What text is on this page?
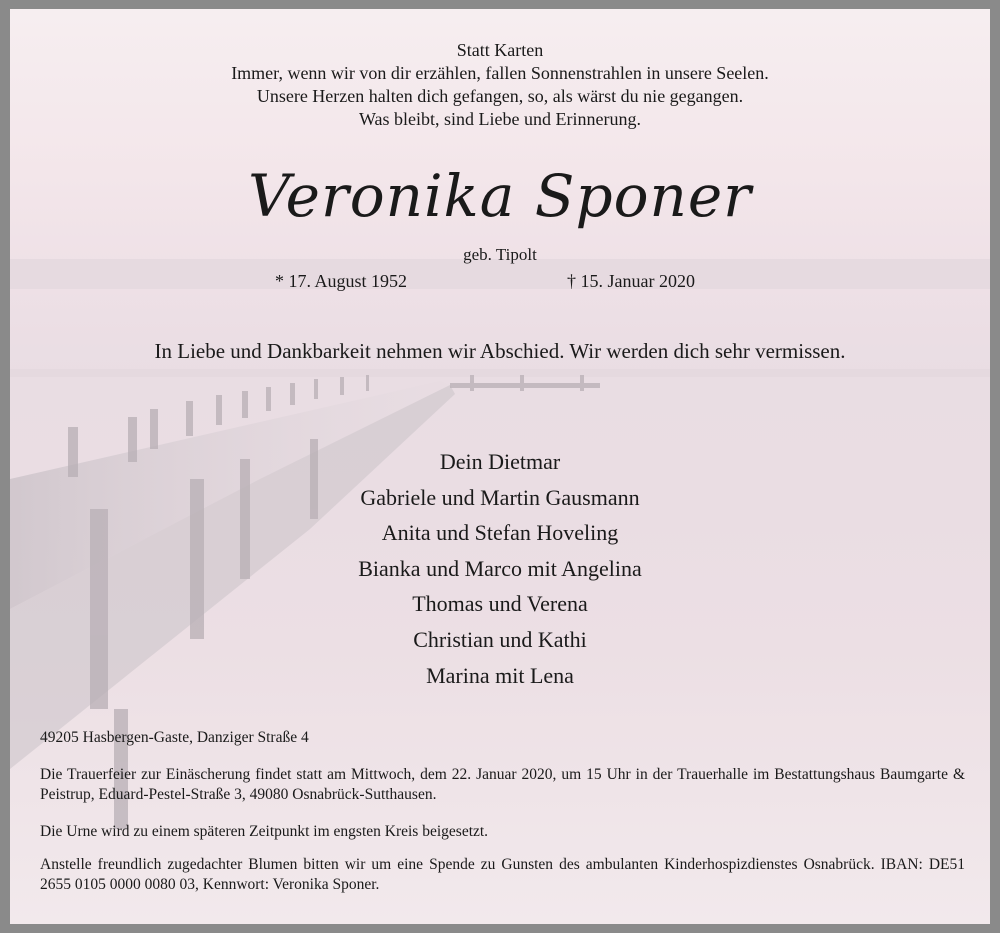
Statt Karten
Immer, wenn wir von dir erzählen, fallen Sonnenstrahlen in unsere Seelen.
Unsere Herzen halten dich gefangen, so, als wärst du nie gegangen.
Was bleibt, sind Liebe und Erinnerung.
Veronika Sponer
geb. Tipolt
* 17. August 1952	† 15. Januar 2020
In Liebe und Dankbarkeit nehmen wir Abschied. Wir werden dich sehr vermissen.
Dein Dietmar
Gabriele und Martin Gausmann
Anita und Stefan Hoveling
Bianka und Marco mit Angelina
Thomas und Verena
Christian und Kathi
Marina mit Lena
49205 Hasbergen-Gaste, Danziger Straße 4
Die Trauerfeier zur Einäscherung findet statt am Mittwoch, dem 22. Januar 2020, um 15 Uhr in der Trauerhalle im Bestattungshaus Baumgarte & Peistrup, Eduard-Pestel-Straße 3, 49080 Osnabrück-Sutthausen.
Die Urne wird zu einem späteren Zeitpunkt im engsten Kreis beigesetzt.
Anstelle freundlich zugedachter Blumen bitten wir um eine Spende zu Gunsten des ambulanten Kinderhospizdienstes Osnabrück. IBAN: DE51 2655 0105 0000 0080 03, Kennwort: Veronika Sponer.
